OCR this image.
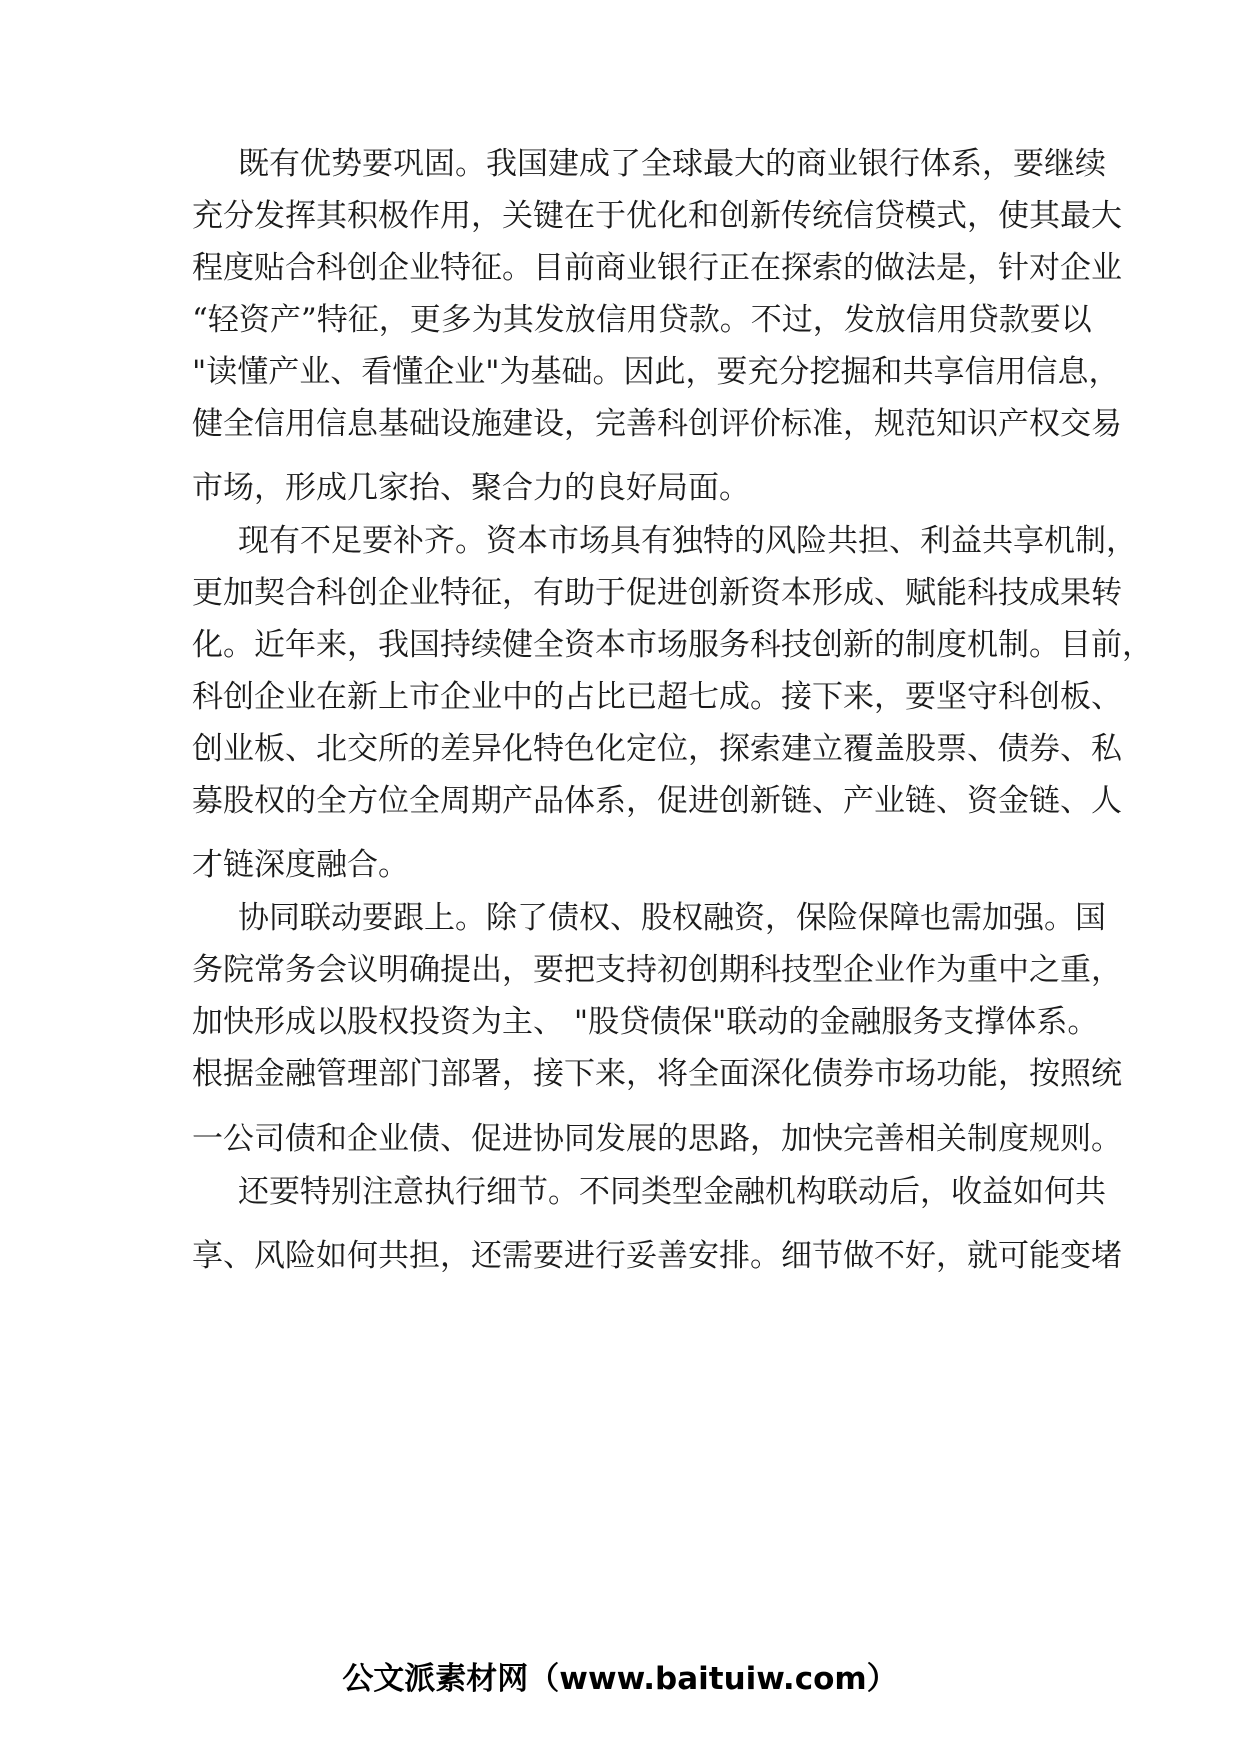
既有优势要巩固。我国建成了全球最大的商业银行体系，要继续
充分发挥其积极作用，关键在于优化和创新传统信贷模式，使其最大
程度贴合科创企业特征。目前商业银行正在探索的做法是，针对企业
“轻资产”特征，更多为其发放信用贷款。不过，发放信用贷款要以
"读懂产业、看懂企业"为基础。因此，要充分挖掘和共享信用信息，
健全信用信息基础设施建设，完善科创评价标准，规范知识产权交易
市场，形成几家抬、聚合力的良好局面。
现有不足要补齐。资本市场具有独特的风险共担、利益共享机制，
更加契合科创企业特征，有助于促进创新资本形成、赋能科技成果转
化。近年来，我国持续健全资本市场服务科技创新的制度机制。目前，
科创企业在新上市企业中的占比已超七成。接下来，要坚守科创板、
创业板、北交所的差异化特色化定位，探索建立覆盖股票、债券、私
募股权的全方位全周期产品体系，促进创新链、产业链、资金链、人
才链深度融合。
协同联动要跟上。除了债权、股权融资，保险保障也需加强。国
务院常务会议明确提出，要把支持初创期科技型企业作为重中之重，
加快形成以股权投资为主、 "股贷债保"联动的金融服务支撑体系。
根据金融管理部门部署，接下来，将全面深化债券市场功能，按照统
一公司债和企业债、促进协同发展的思路，加快完善相关制度规则。
还要特别注意执行细节。不同类型金融机构联动后，收益如何共
享、风险如何共担，还需要进行妥善安排。细节做不好，就可能变堵
公文派素材网（www.baituiw.com）
